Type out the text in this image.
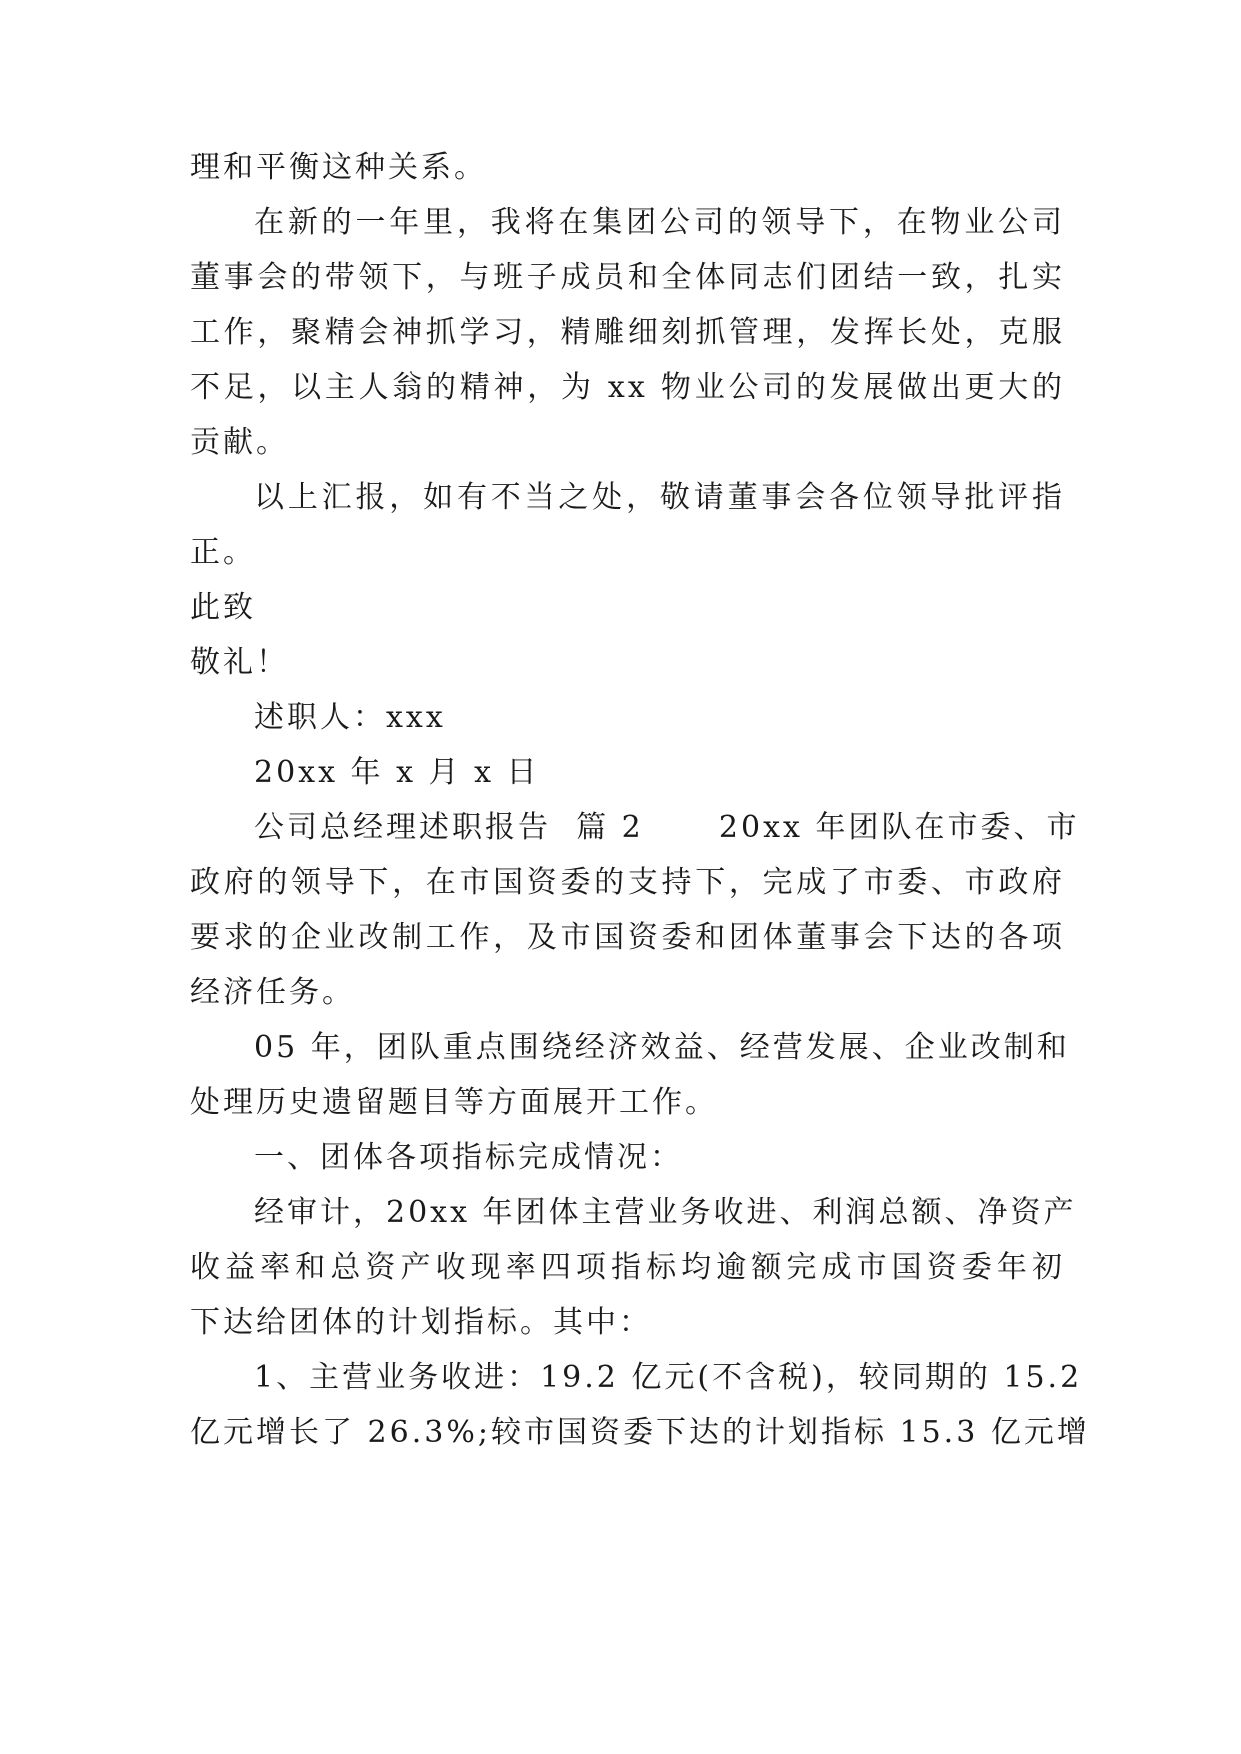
理和平衡这种关系。
在新的一年里，我将在集团公司的领导下，在物业公司
董事会的带领下，与班子成员和全体同志们团结一致，扎实
工作，聚精会神抓学习，精雕细刻抓管理，发挥长处，克服
不足，以主人翁的精神，为 xx 物业公司的发展做出更大的
贡献。
以上汇报，如有不当之处，敬请董事会各位领导批评指
正。
此致
敬礼！
述职人：xxx
20xx 年 x 月 x 日
公司总经理述职报告  篇 2      20xx 年团队在市委、市
政府的领导下，在市国资委的支持下，完成了市委、市政府
要求的企业改制工作，及市国资委和团体董事会下达的各项
经济任务。
05 年，团队重点围绕经济效益、经营发展、企业改制和
处理历史遗留题目等方面展开工作。
一、团体各项指标完成情况：
经审计，20xx 年团体主营业务收进、利润总额、净资产
收益率和总资产收现率四项指标均逾额完成市国资委年初
下达给团体的计划指标。其中：
1、主营业务收进：19.2 亿元(不含税)，较同期的 15.2
亿元增长了 26.3%;较市国资委下达的计划指标 15.3 亿元增
